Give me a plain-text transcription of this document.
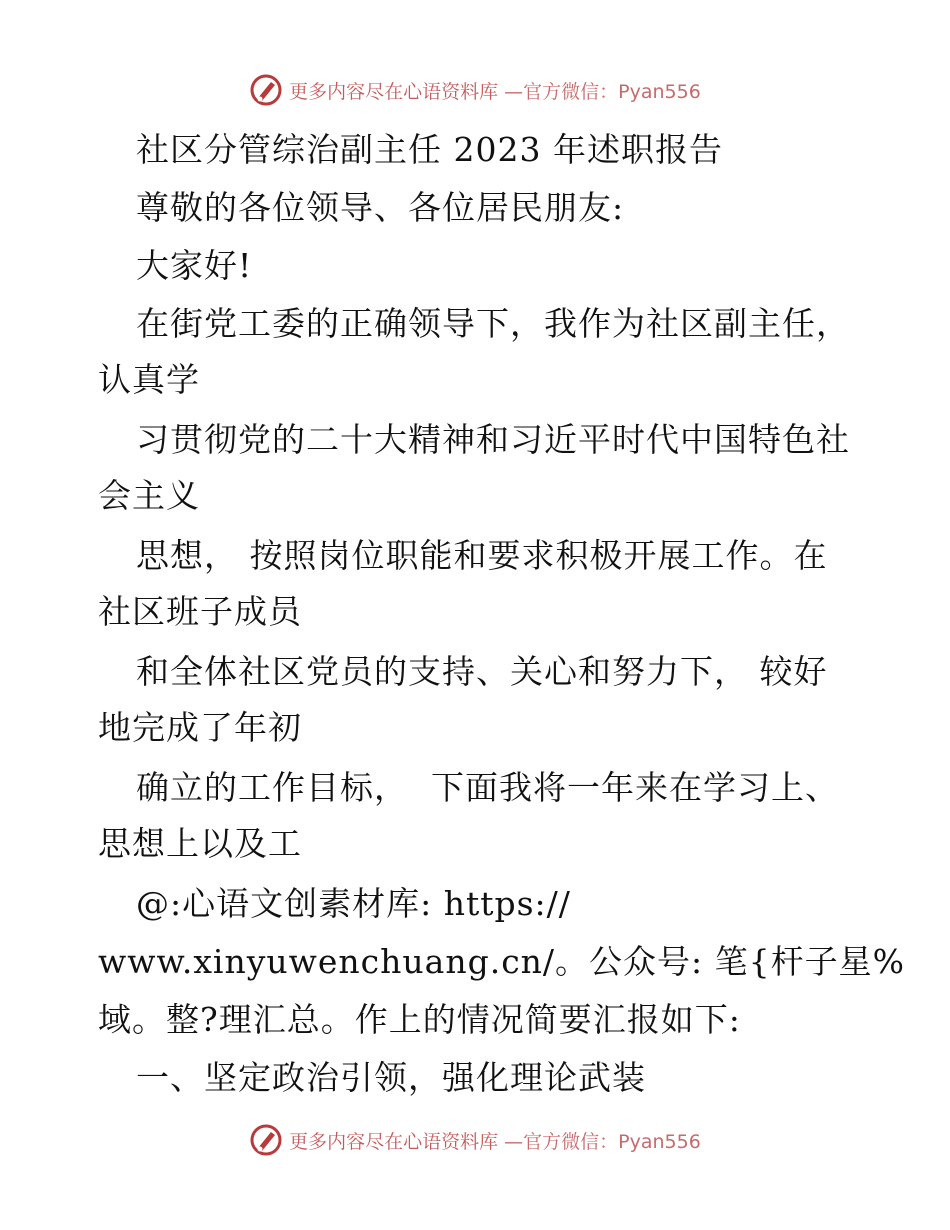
更多内容尽在心语资料库 —官方微信：Pyan556
社区分管综治副主任 2023 年述职报告
尊敬的各位领导、各位居民朋友:
大家好!
在街党工委的正确领导下，我作为社区副主任，
认真学
习贯彻党的二十大精神和习近平时代中国特色社
会主义
思想， 按照岗位职能和要求积极开展工作。在
社区班子成员
和全体社区党员的支持、关心和努力下， 较好
地完成了年初
确立的工作目标，  下面我将一年来在学习上、
思想上以及工
@:心语文创素材库: https://
www.xinyuwenchuang.cn/。公众号: 笔{杆子星%
域。整?理汇总。作上的情况简要汇报如下:
一、坚定政治引领，强化理论武装
更多内容尽在心语资料库 —官方微信：Pyan556
